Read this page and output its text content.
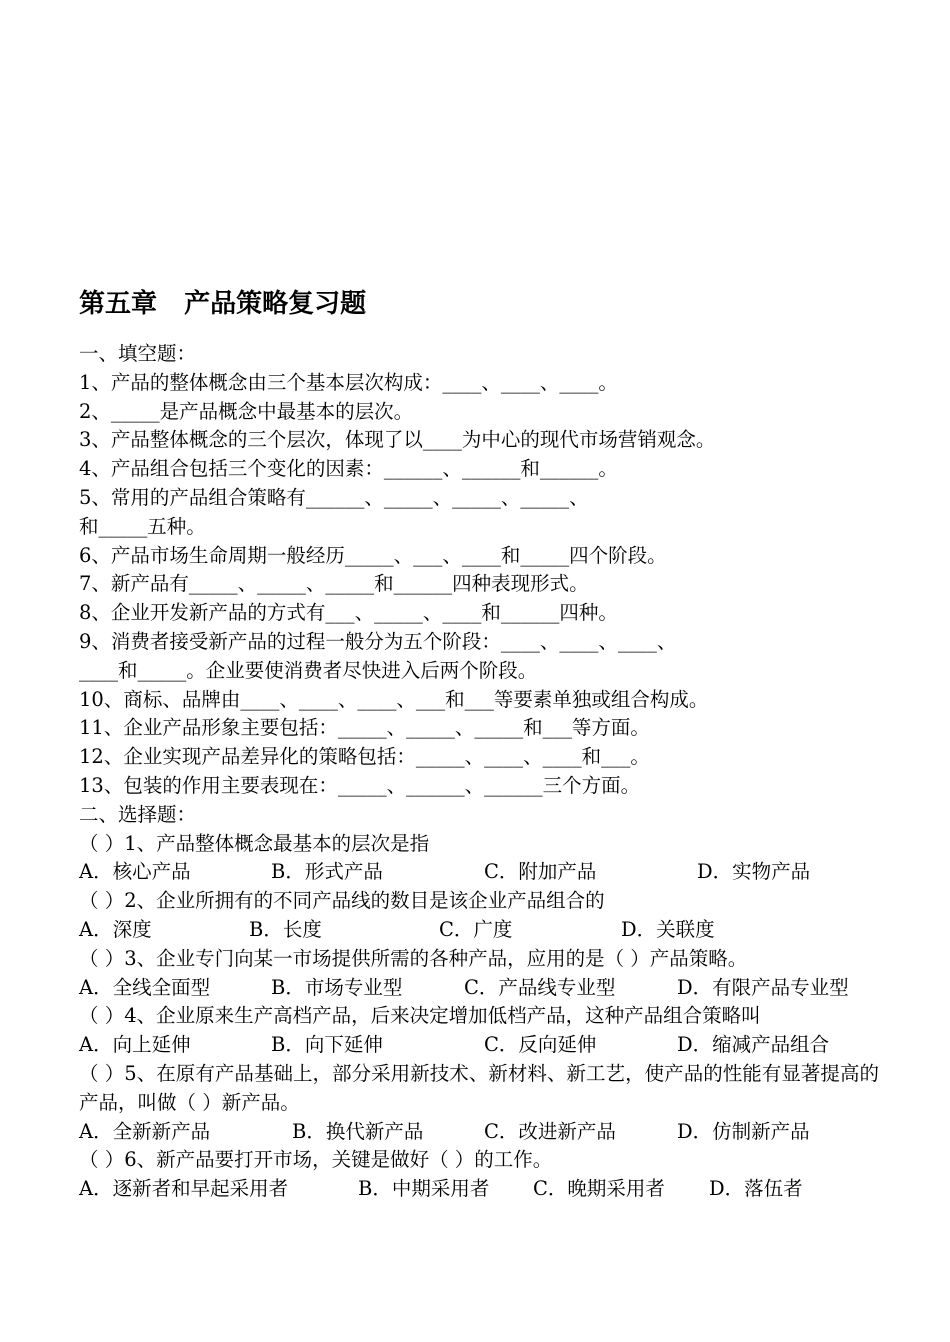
第五章   产品策略复习题
一、填空题：
1、产品的整体概念由三个基本层次构成：____、____、____。
2、_____是产品概念中最基本的层次。
3、产品整体概念的三个层次，体现了以____为中心的现代市场营销观念。
4、产品组合包括三个变化的因素：______、______和______。
5、常用的产品组合策略有______、_____、_____、_____、
和_____五种。
6、产品市场生命周期一般经历_____、___、____和_____四个阶段。
7、新产品有_____、_____、_____和______四种表现形式。
8、企业开发新产品的方式有___、_____、____和______四种。
9、消费者接受新产品的过程一般分为五个阶段：____、____、____、
____和_____。企业要使消费者尽快进入后两个阶段。
10、商标、品牌由____、____、____、___和___等要素单独或组合构成。
11、企业产品形象主要包括：_____、_____、_____和___等方面。
12、企业实现产品差异化的策略包括：_____、____、____和___。
13、包装的作用主要表现在：_____、______、______三个方面。
二、选择题：
（ ）1、产品整体概念最基本的层次是指
A．核心产品	B．形式产品	C．附加产品	D．实物产品
（ ）2、企业所拥有的不同产品线的数目是该企业产品组合的
A．深度	B．长度	C．广度	D．关联度
（ ）3、企业专门向某一市场提供所需的各种产品，应用的是（ ）产品策略。
A．全线全面型	B．市场专业型	C．产品线专业型	D．有限产品专业型
（ ）4、企业原来生产高档产品，后来决定增加低档产品，这种产品组合策略叫
A．向上延伸	B．向下延伸	C．反向延伸	D．缩减产品组合
（ ）5、在原有产品基础上，部分采用新技术、新材料、新工艺，使产品的性能有显著提高的产品，叫做（ ）新产品。
A．全新新产品	B．换代新产品	C．改进新产品	D．仿制新产品
（ ）6、新产品要打开市场，关键是做好（ ）的工作。
A．逐新者和早起采用者	B．中期采用者	C．晚期采用者	D．落伍者
